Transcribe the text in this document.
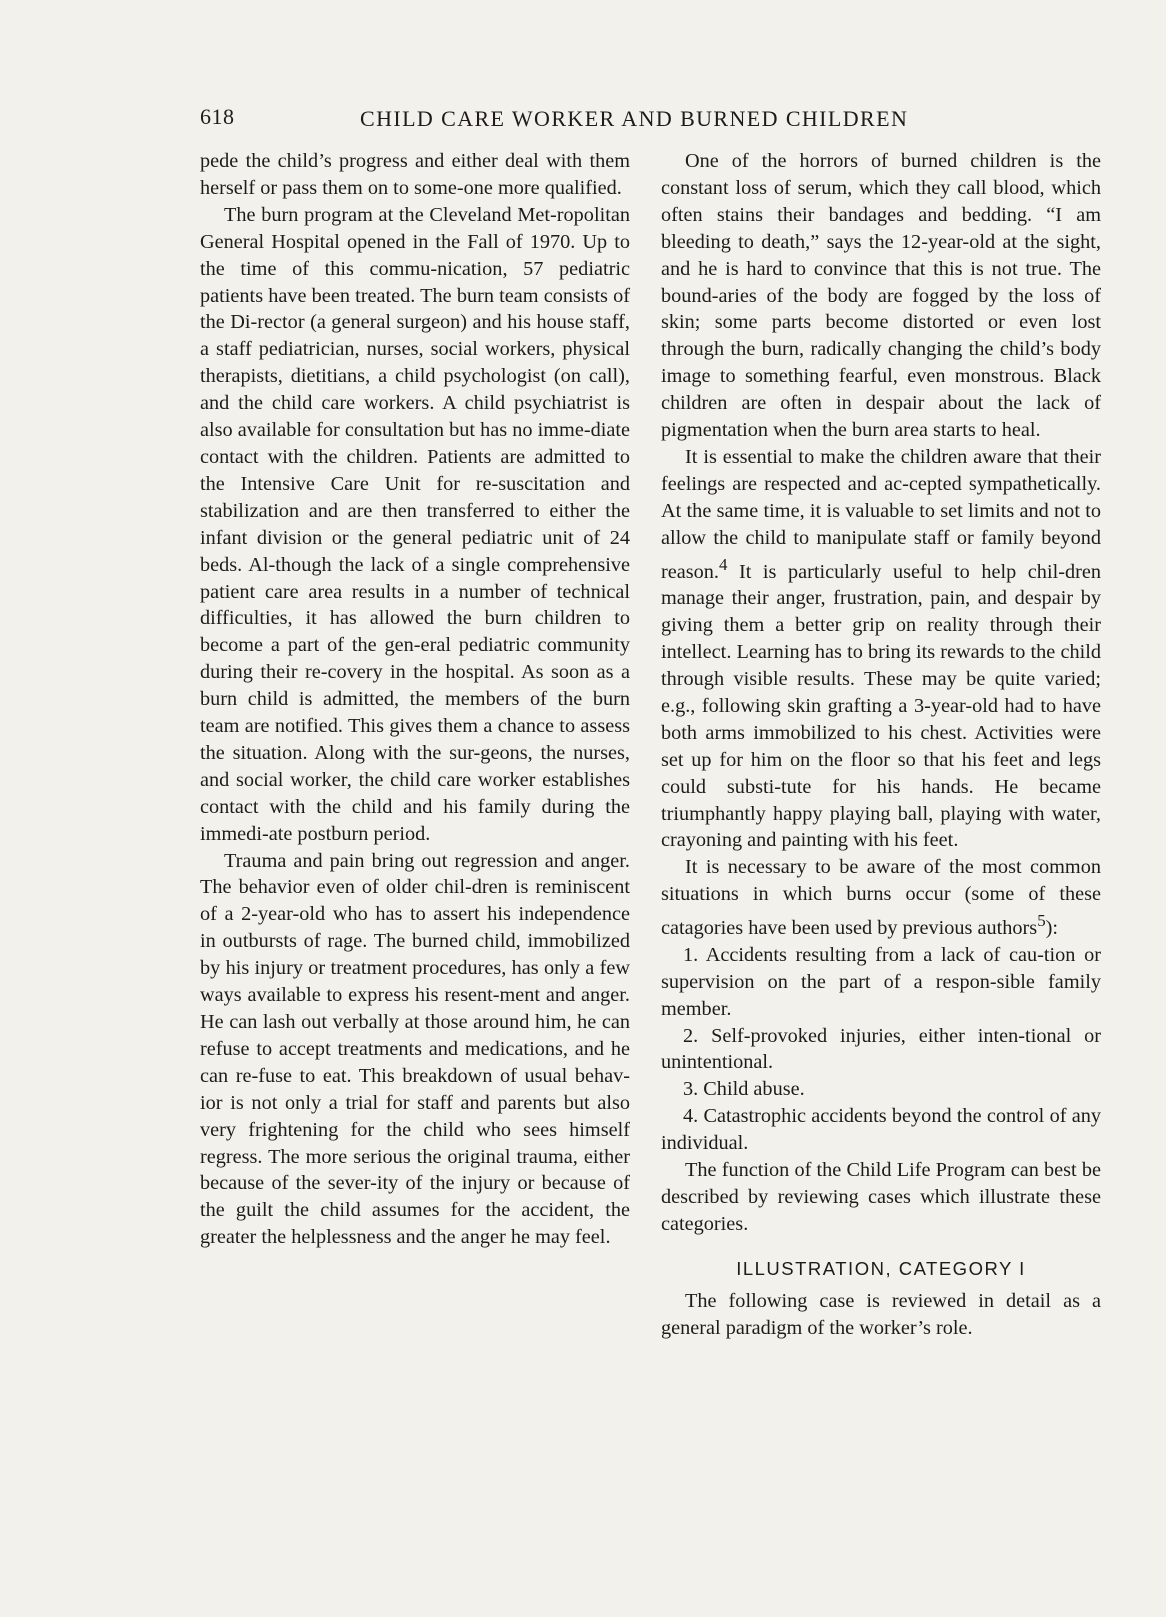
618	CHILD CARE WORKER AND BURNED CHILDREN

pede the child’s progress and either deal with them herself or pass them on to some-one more qualified.

The burn program at the Cleveland Met-ropolitan General Hospital opened in the Fall of 1970. Up to the time of this commu-nication, 57 pediatric patients have been treated. The burn team consists of the Di-rector (a general surgeon) and his house staff, a staff pediatrician, nurses, social workers, physical therapists, dietitians, a child psychologist (on call), and the child care workers. A child psychiatrist is also available for consultation but has no imme-diate contact with the children. Patients are admitted to the Intensive Care Unit for re-suscitation and stabilization and are then transferred to either the infant division or the general pediatric unit of 24 beds. Al-though the lack of a single comprehensive patient care area results in a number of technical difficulties, it has allowed the burn children to become a part of the gen-eral pediatric community during their re-covery in the hospital. As soon as a burn child is admitted, the members of the burn team are notified. This gives them a chance to assess the situation. Along with the sur-geons, the nurses, and social worker, the child care worker establishes contact with the child and his family during the immedi-ate postburn period.

Trauma and pain bring out regression and anger. The behavior even of older chil-dren is reminiscent of a 2-year-old who has to assert his independence in outbursts of rage. The burned child, immobilized by his injury or treatment procedures, has only a few ways available to express his resent-ment and anger. He can lash out verbally at those around him, he can refuse to accept treatments and medications, and he can re-fuse to eat. This breakdown of usual behav-ior is not only a trial for staff and parents but also very frightening for the child who sees himself regress. The more serious the original trauma, either because of the sever-ity of the injury or because of the guilt the child assumes for the accident, the greater the helplessness and the anger he may feel.

One of the horrors of burned children is the constant loss of serum, which they call blood, which often stains their bandages and bedding. “I am bleeding to death,” says the 12-year-old at the sight, and he is hard to convince that this is not true. The bound-aries of the body are fogged by the loss of skin; some parts become distorted or even lost through the burn, radically changing the child’s body image to something fearful, even monstrous. Black children are often in despair about the lack of pigmentation when the burn area starts to heal.

It is essential to make the children aware that their feelings are respected and ac-cepted sympathetically. At the same time, it is valuable to set limits and not to allow the child to manipulate staff or family beyond reason.$^4$ It is particularly useful to help chil-dren manage their anger, frustration, pain, and despair by giving them a better grip on reality through their intellect. Learning has to bring its rewards to the child through visible results. These may be quite varied; e.g., following skin grafting a 3-year-old had to have both arms immobilized to his chest. Activities were set up for him on the floor so that his feet and legs could substi-tute for his hands. He became triumphantly happy playing ball, playing with water, crayoning and painting with his feet.

It is necessary to be aware of the most common situations in which burns occur (some of these catagories have been used by previous authors$^5$):

1. Accidents resulting from a lack of cau-tion or supervision on the part of a respon-sible family member.

2. Self-provoked injuries, either inten-tional or unintentional.

3. Child abuse.

4. Catastrophic accidents beyond the control of any individual.

The function of the Child Life Program can best be described by reviewing cases which illustrate these categories.

ILLUSTRATION, CATEGORY I

The following case is reviewed in detail as a general paradigm of the worker’s role.
